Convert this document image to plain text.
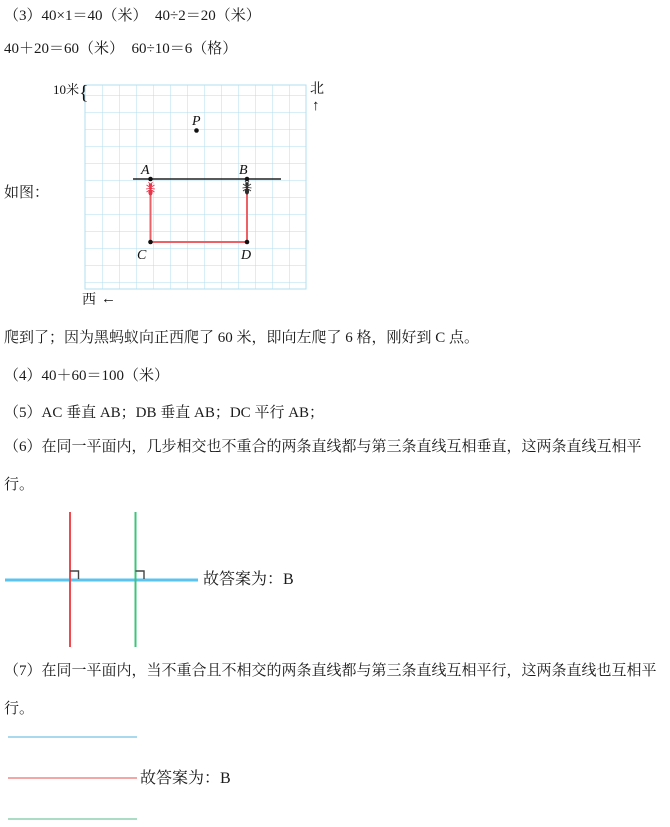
（3）40×1＝40（米）　40÷2＝20（米）
40＋20＝60（米）　60÷10＝6（格）
如图：
10米 {	北
↑
西 ←
P
A	B
C	D
爬到了；因为黑蚂蚁向正西爬了 60 米，即向左爬了 6 格，刚好到 C 点。
（4）40＋60＝100（米）
（5）AC 垂直 AB；DB 垂直 AB；DC 平行 AB；
（6）在同一平面内，几步相交也不重合的两条直线都与第三条直线互相垂直，这两条直线互相平行。
故答案为：B
（7）在同一平面内，当不重合且不相交的两条直线都与第三条直线互相平行，这两条直线也互相平行。
故答案为：B
